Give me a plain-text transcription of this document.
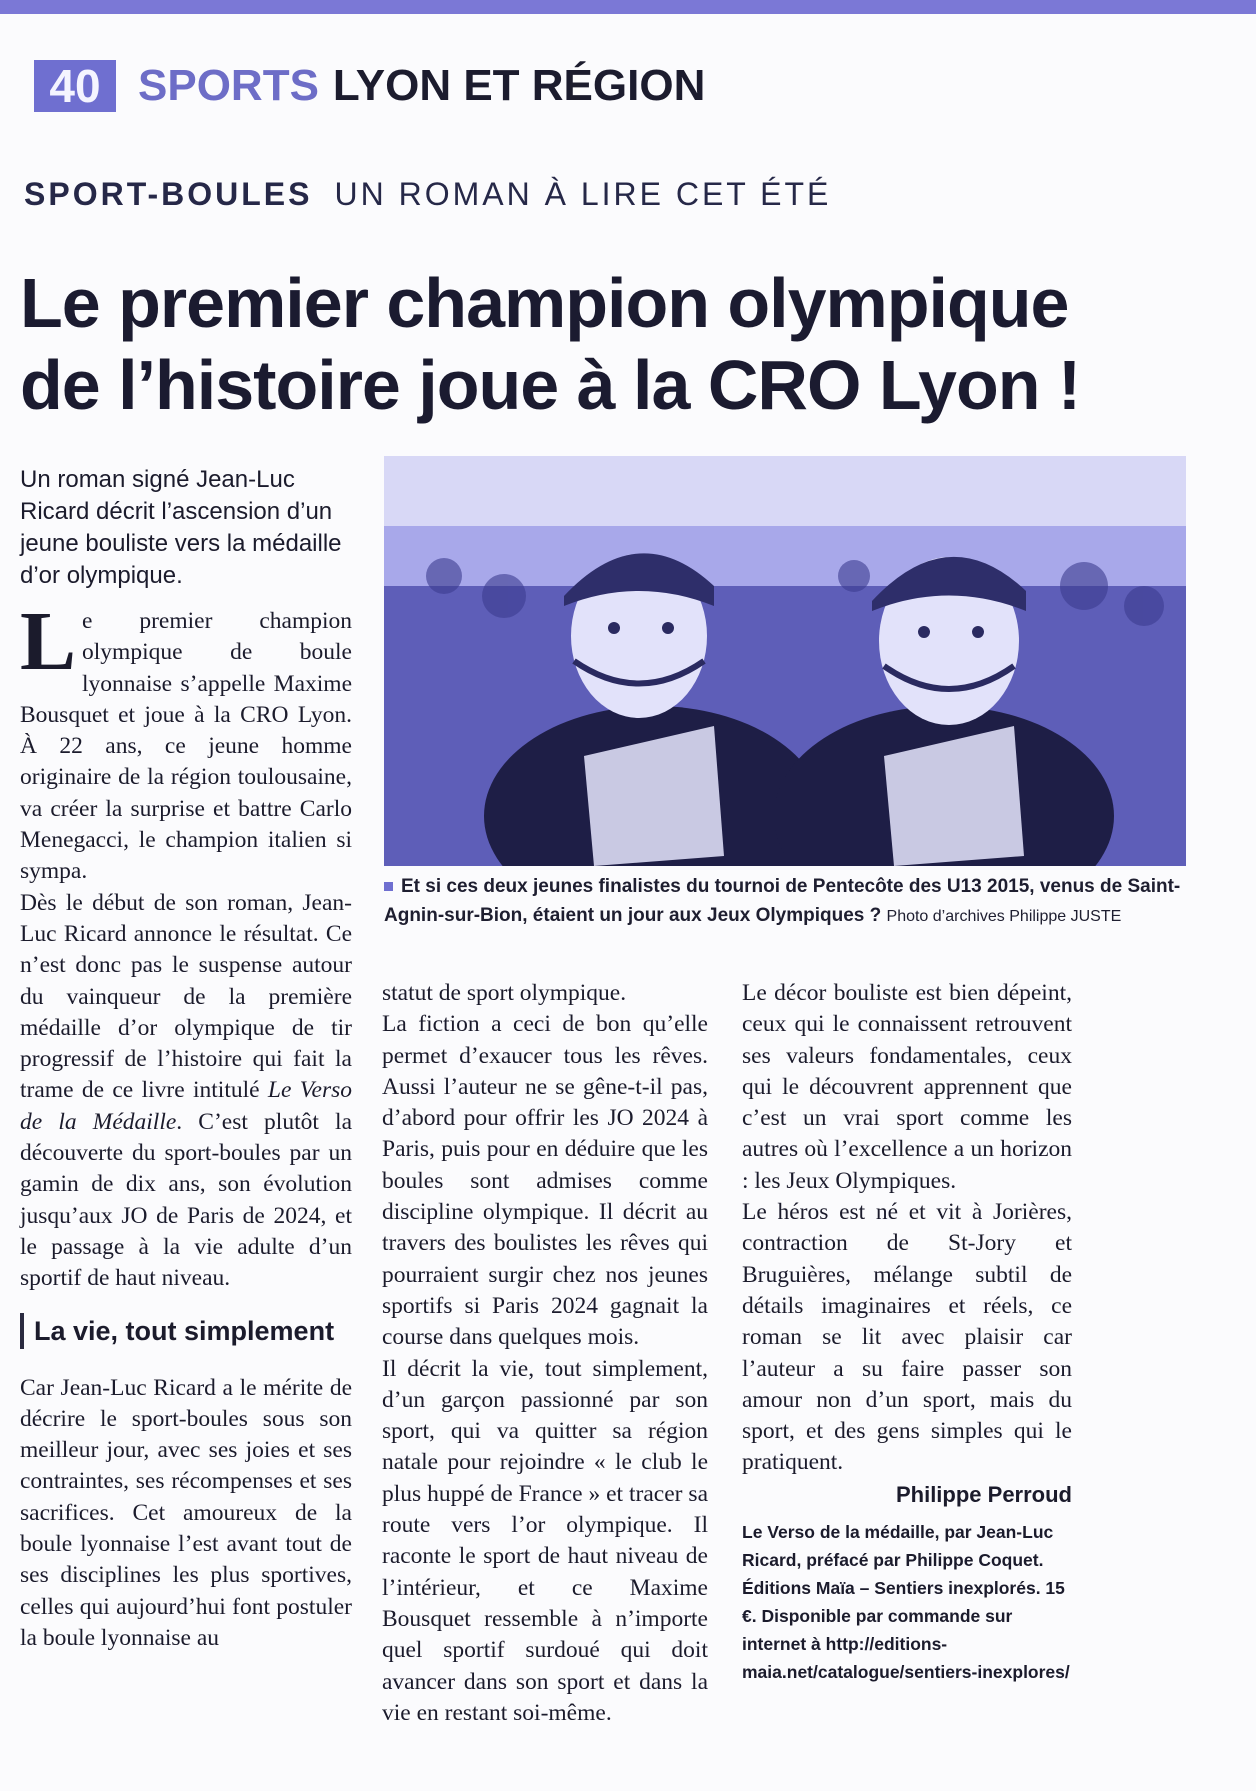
40 SPORTS LYON ET RÉGION
SPORT-BOULES UN ROMAN À LIRE CET ÉTÉ
Le premier champion olympique
de l’histoire joue à la CRO Lyon !

Un roman signé Jean-Luc Ricard décrit l’ascension d’un jeune bouliste vers la médaille d’or olympique.

Le premier champion olympique de boule lyonnaise s’appelle Maxime Bousquet et joue à la CRO Lyon. À 22 ans, ce jeune homme originaire de la région toulousaine, va créer la surprise et battre Carlo Menegacci, le champion italien si sympa.

Dès le début de son roman, Jean-Luc Ricard annonce le résultat. Ce n’est donc pas le suspense autour du vainqueur de la première médaille d’or olympique de tir progressif de l’histoire qui fait la trame de ce livre intitulé Le Verso de la Médaille. C’est plutôt la découverte du sport-boules par un gamin de dix ans, son évolution jusqu’aux JO de Paris de 2024, et le passage à la vie adulte d’un sportif de haut niveau.

La vie, tout simplement

Car Jean-Luc Ricard a le mérite de décrire le sport-boules sous son meilleur jour, avec ses joies et ses contraintes, ses récompenses et ses sacrifices. Cet amoureux de la boule lyonnaise l’est avant tout de ses disciplines les plus sportives, celles qui aujourd’hui font postuler la boule lyonnaise au

Et si ces deux jeunes finalistes du tournoi de Pentecôte des U13 2015, venus de Saint-Agnin-sur-Bion, étaient un jour aux Jeux Olympiques ? Photo d’archives Philippe JUSTE

statut de sport olympique.

La fiction a ceci de bon qu’elle permet d’exaucer tous les rêves. Aussi l’auteur ne se gêne-t-il pas, d’abord pour offrir les JO 2024 à Paris, puis pour en déduire que les boules sont admises comme discipline olympique. Il décrit au travers des boulistes les rêves qui pourraient surgir chez nos jeunes sportifs si Paris 2024 gagnait la course dans quelques mois.

Il décrit la vie, tout simplement, d’un garçon passionné par son sport, qui va quitter sa région natale pour rejoindre « le club le plus huppé de France » et tracer sa route vers l’or olympique. Il raconte le sport de haut niveau de l’intérieur, et ce Maxime Bousquet ressemble à n’importe quel sportif surdoué qui doit avancer dans son sport et dans la vie en restant soi-même.

Le décor bouliste est bien dépeint, ceux qui le connaissent retrouvent ses valeurs fondamentales, ceux qui le découvrent apprennent que c’est un vrai sport comme les autres où l’excellence a un horizon : les Jeux Olympiques.

Le héros est né et vit à Jorières, contraction de St-Jory et Bruguières, mélange subtil de détails imaginaires et réels, ce roman se lit avec plaisir car l’auteur a su faire passer son amour non d’un sport, mais du sport, et des gens simples qui le pratiquent.

Philippe Perroud
Le Verso de la médaille, par Jean-Luc Ricard, préfacé par Philippe Coquet. Éditions Maïa – Sentiers inexplorés. 15 €. Disponible par commande sur internet à http://editions-maia.net/catalogue/sentiers-inexplores/
